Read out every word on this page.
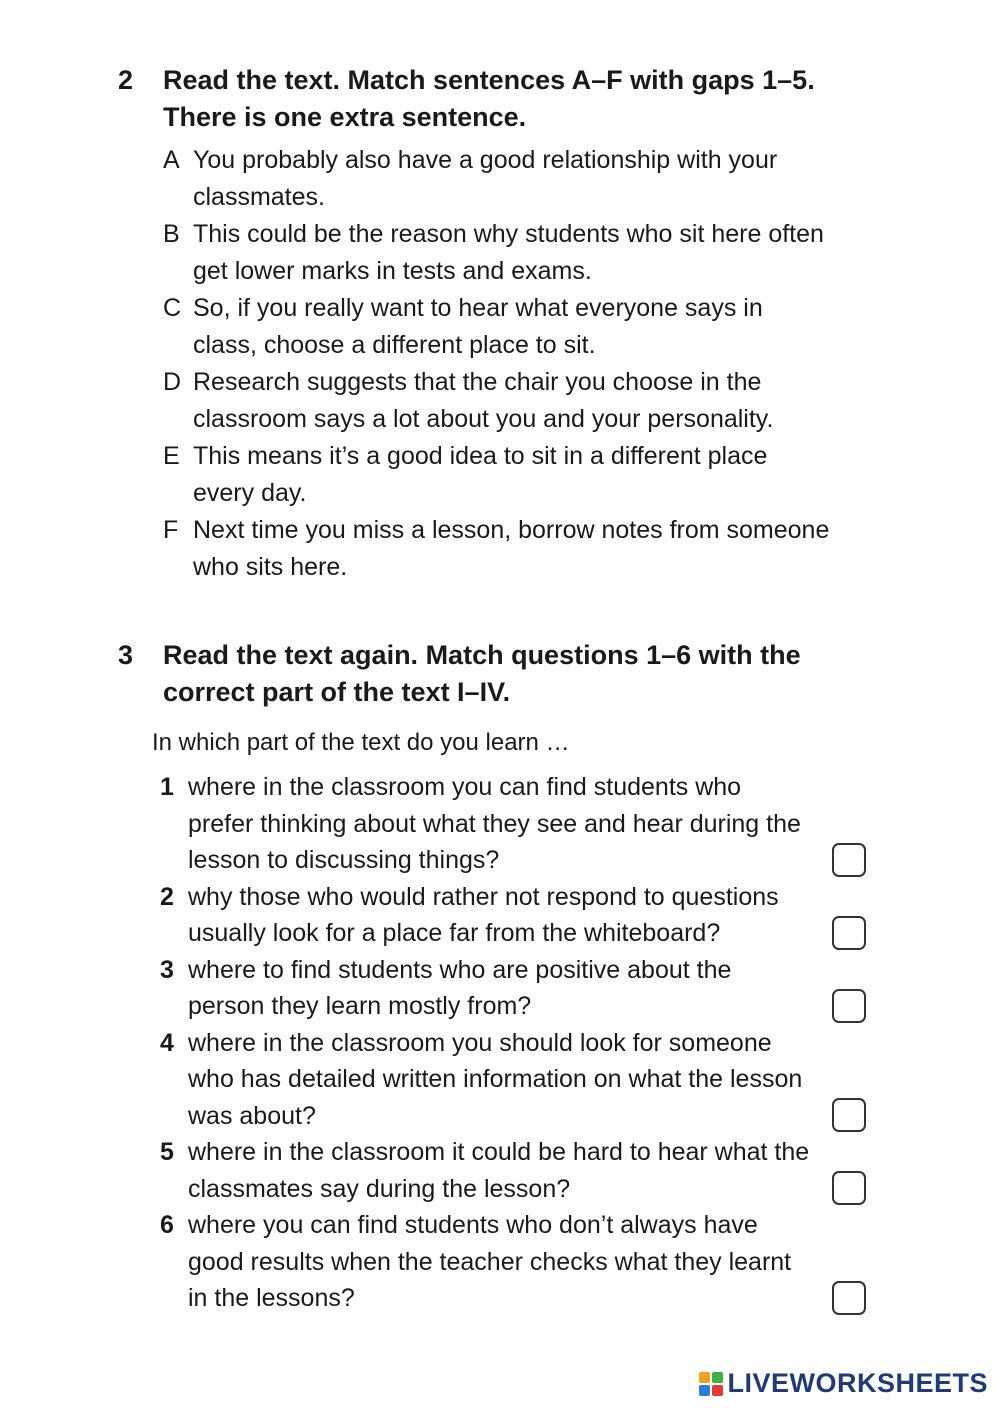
2	Read the text. Match sentences A–F with gaps 1–5. There is one extra sentence.
A You probably also have a good relationship with your classmates.
B This could be the reason why students who sit here often get lower marks in tests and exams.
C So, if you really want to hear what everyone says in class, choose a different place to sit.
D Research suggests that the chair you choose in the classroom says a lot about you and your personality.
E This means it’s a good idea to sit in a different place every day.
F Next time you miss a lesson, borrow notes from someone who sits here.
3	Read the text again. Match questions 1–6 with the correct part of the text I–IV.
In which part of the text do you learn …
1 where in the classroom you can find students who prefer thinking about what they see and hear during the lesson to discussing things?
2 why those who would rather not respond to questions usually look for a place far from the whiteboard?
3 where to find students who are positive about the person they learn mostly from?
4 where in the classroom you should look for someone who has detailed written information on what the lesson was about?
5 where in the classroom it could be hard to hear what the classmates say during the lesson?
6 where you can find students who don’t always have good results when the teacher checks what they learnt in the lessons?
LIVEWORKSHEETS
